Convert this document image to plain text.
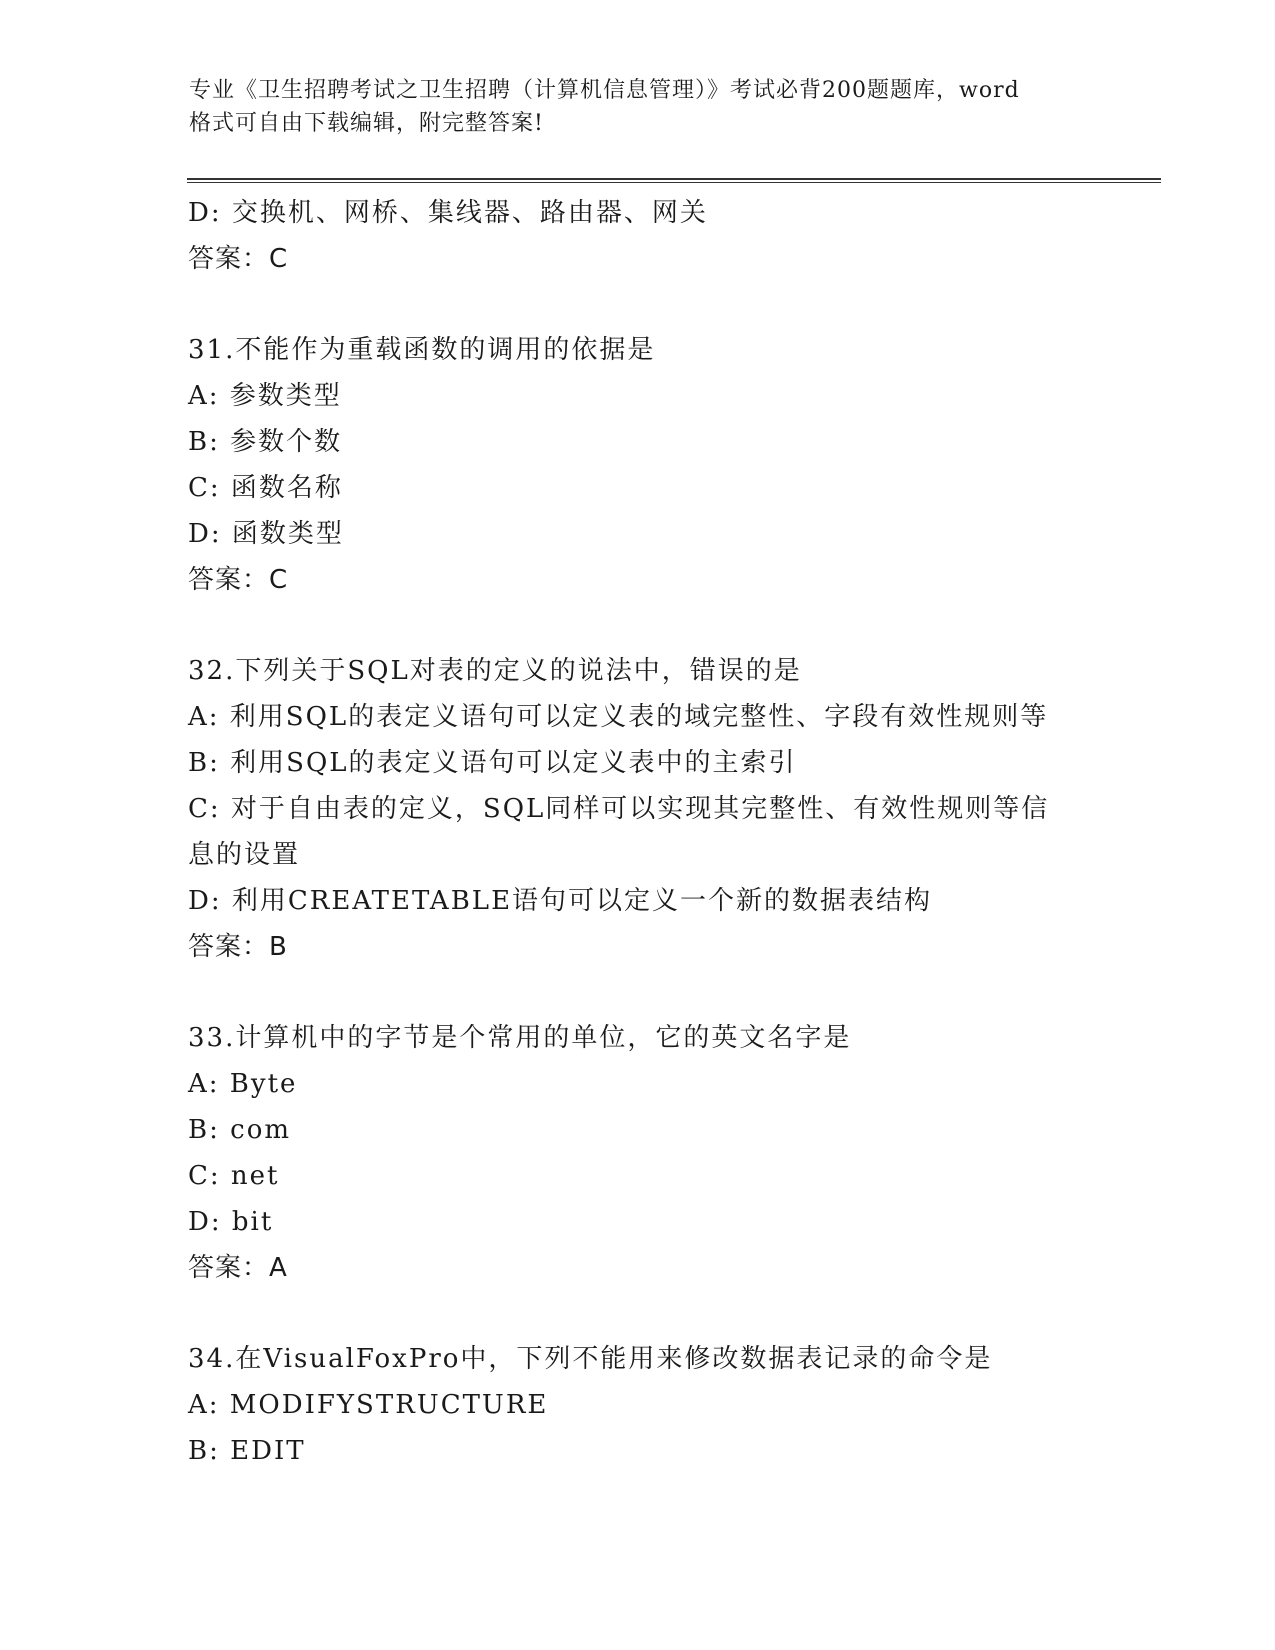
专业《卫生招聘考试之卫生招聘（计算机信息管理）》考试必背200题题库，word
格式可自由下载编辑，附完整答案!
D: 交换机、网桥、集线器、路由器、网关
答案：C
31.不能作为重载函数的调用的依据是
A: 参数类型
B: 参数个数
C: 函数名称
D: 函数类型
答案：C
32.下列关于SQL对表的定义的说法中，错误的是
A: 利用SQL的表定义语句可以定义表的域完整性、字段有效性规则等
B: 利用SQL的表定义语句可以定义表中的主索引
C: 对于自由表的定义，SQL同样可以实现其完整性、有效性规则等信
息的设置
D: 利用CREATETABLE语句可以定义一个新的数据表结构
答案：B
33.计算机中的字节是个常用的单位，它的英文名字是
A: Byte
B: com
C: net
D: bit
答案：A
34.在VisualFoxPro中，下列不能用来修改数据表记录的命令是
A: MODIFYSTRUCTURE
B: EDIT
